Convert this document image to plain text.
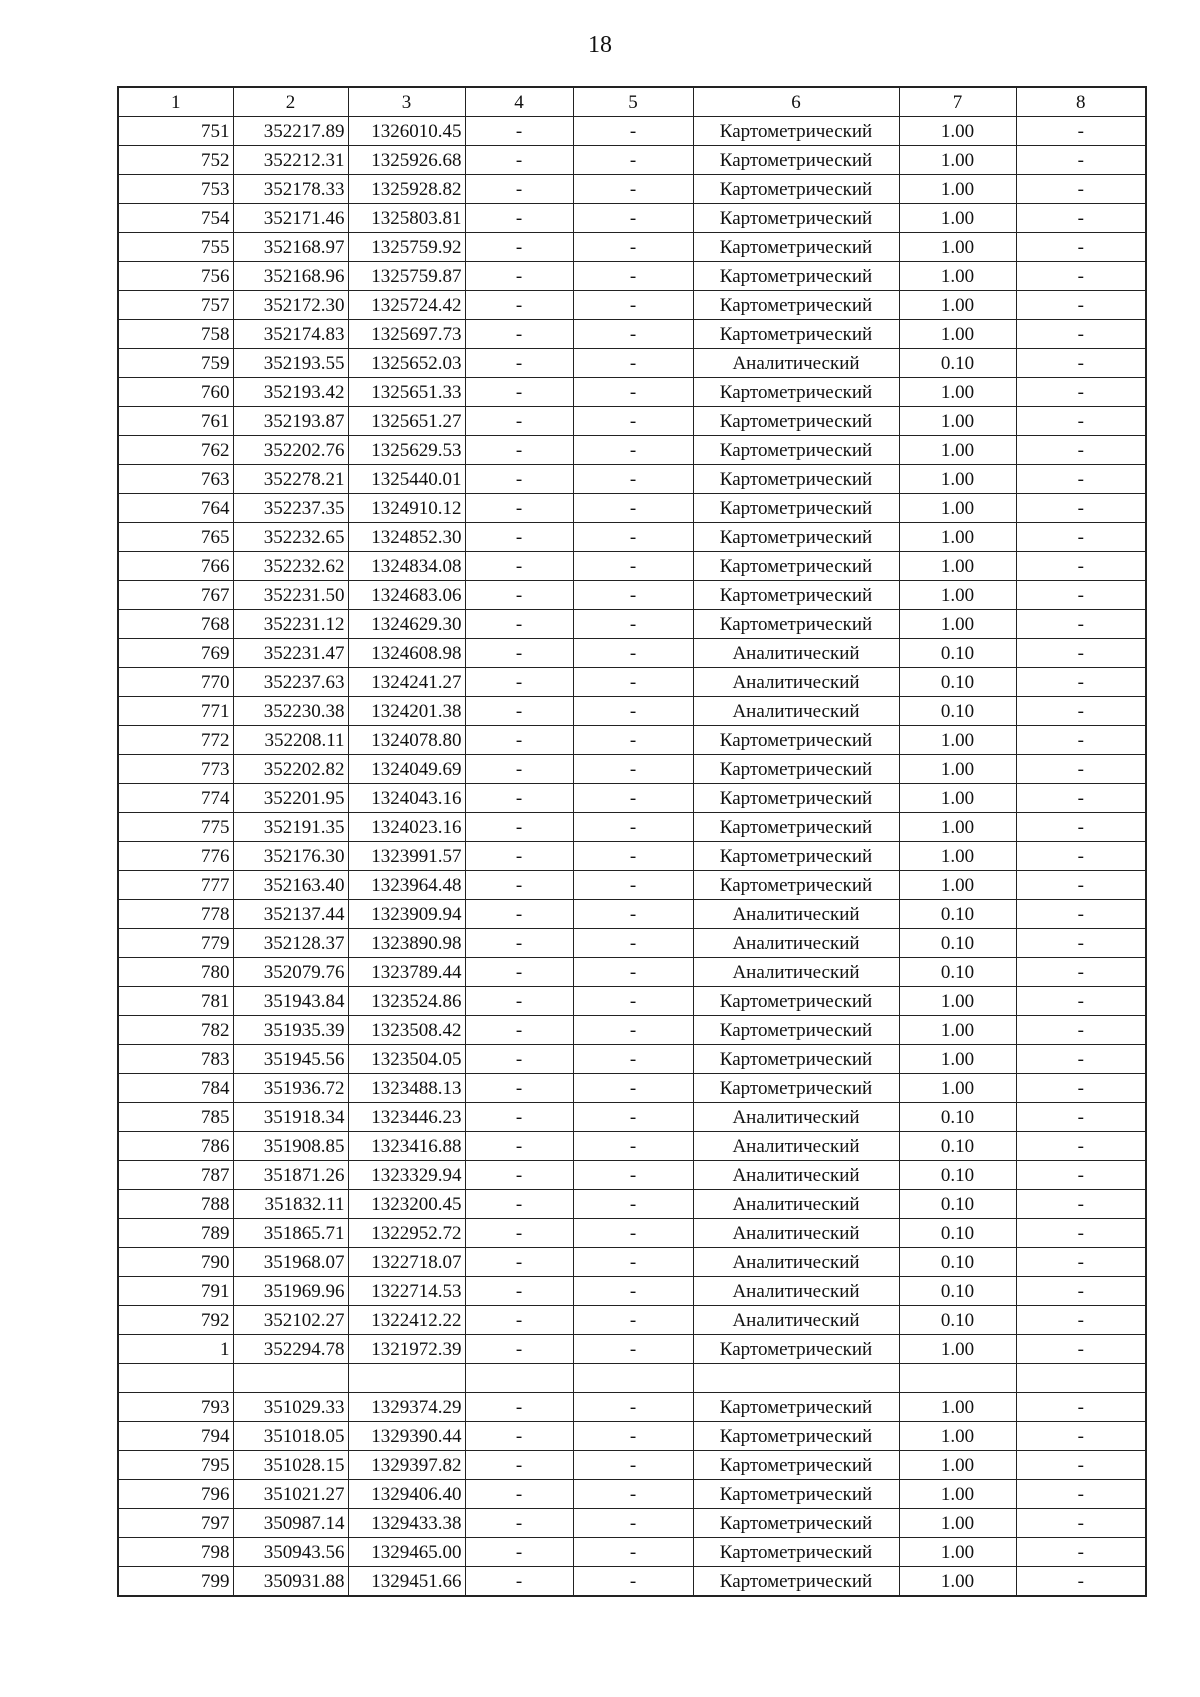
18
1	2	3	4	5	6	7	8
751	352217.89	1326010.45	-	-	Картометрический	1.00	-
752	352212.31	1325926.68	-	-	Картометрический	1.00	-
753	352178.33	1325928.82	-	-	Картометрический	1.00	-
754	352171.46	1325803.81	-	-	Картометрический	1.00	-
755	352168.97	1325759.92	-	-	Картометрический	1.00	-
756	352168.96	1325759.87	-	-	Картометрический	1.00	-
757	352172.30	1325724.42	-	-	Картометрический	1.00	-
758	352174.83	1325697.73	-	-	Картометрический	1.00	-
759	352193.55	1325652.03	-	-	Аналитический	0.10	-
760	352193.42	1325651.33	-	-	Картометрический	1.00	-
761	352193.87	1325651.27	-	-	Картометрический	1.00	-
762	352202.76	1325629.53	-	-	Картометрический	1.00	-
763	352278.21	1325440.01	-	-	Картометрический	1.00	-
764	352237.35	1324910.12	-	-	Картометрический	1.00	-
765	352232.65	1324852.30	-	-	Картометрический	1.00	-
766	352232.62	1324834.08	-	-	Картометрический	1.00	-
767	352231.50	1324683.06	-	-	Картометрический	1.00	-
768	352231.12	1324629.30	-	-	Картометрический	1.00	-
769	352231.47	1324608.98	-	-	Аналитический	0.10	-
770	352237.63	1324241.27	-	-	Аналитический	0.10	-
771	352230.38	1324201.38	-	-	Аналитический	0.10	-
772	352208.11	1324078.80	-	-	Картометрический	1.00	-
773	352202.82	1324049.69	-	-	Картометрический	1.00	-
774	352201.95	1324043.16	-	-	Картометрический	1.00	-
775	352191.35	1324023.16	-	-	Картометрический	1.00	-
776	352176.30	1323991.57	-	-	Картометрический	1.00	-
777	352163.40	1323964.48	-	-	Картометрический	1.00	-
778	352137.44	1323909.94	-	-	Аналитический	0.10	-
779	352128.37	1323890.98	-	-	Аналитический	0.10	-
780	352079.76	1323789.44	-	-	Аналитический	0.10	-
781	351943.84	1323524.86	-	-	Картометрический	1.00	-
782	351935.39	1323508.42	-	-	Картометрический	1.00	-
783	351945.56	1323504.05	-	-	Картометрический	1.00	-
784	351936.72	1323488.13	-	-	Картометрический	1.00	-
785	351918.34	1323446.23	-	-	Аналитический	0.10	-
786	351908.85	1323416.88	-	-	Аналитический	0.10	-
787	351871.26	1323329.94	-	-	Аналитический	0.10	-
788	351832.11	1323200.45	-	-	Аналитический	0.10	-
789	351865.71	1322952.72	-	-	Аналитический	0.10	-
790	351968.07	1322718.07	-	-	Аналитический	0.10	-
791	351969.96	1322714.53	-	-	Аналитический	0.10	-
792	352102.27	1322412.22	-	-	Аналитический	0.10	-
1	352294.78	1321972.39	-	-	Картометрический	1.00	-

793	351029.33	1329374.29	-	-	Картометрический	1.00	-
794	351018.05	1329390.44	-	-	Картометрический	1.00	-
795	351028.15	1329397.82	-	-	Картометрический	1.00	-
796	351021.27	1329406.40	-	-	Картометрический	1.00	-
797	350987.14	1329433.38	-	-	Картометрический	1.00	-
798	350943.56	1329465.00	-	-	Картометрический	1.00	-
799	350931.88	1329451.66	-	-	Картометрический	1.00	-
